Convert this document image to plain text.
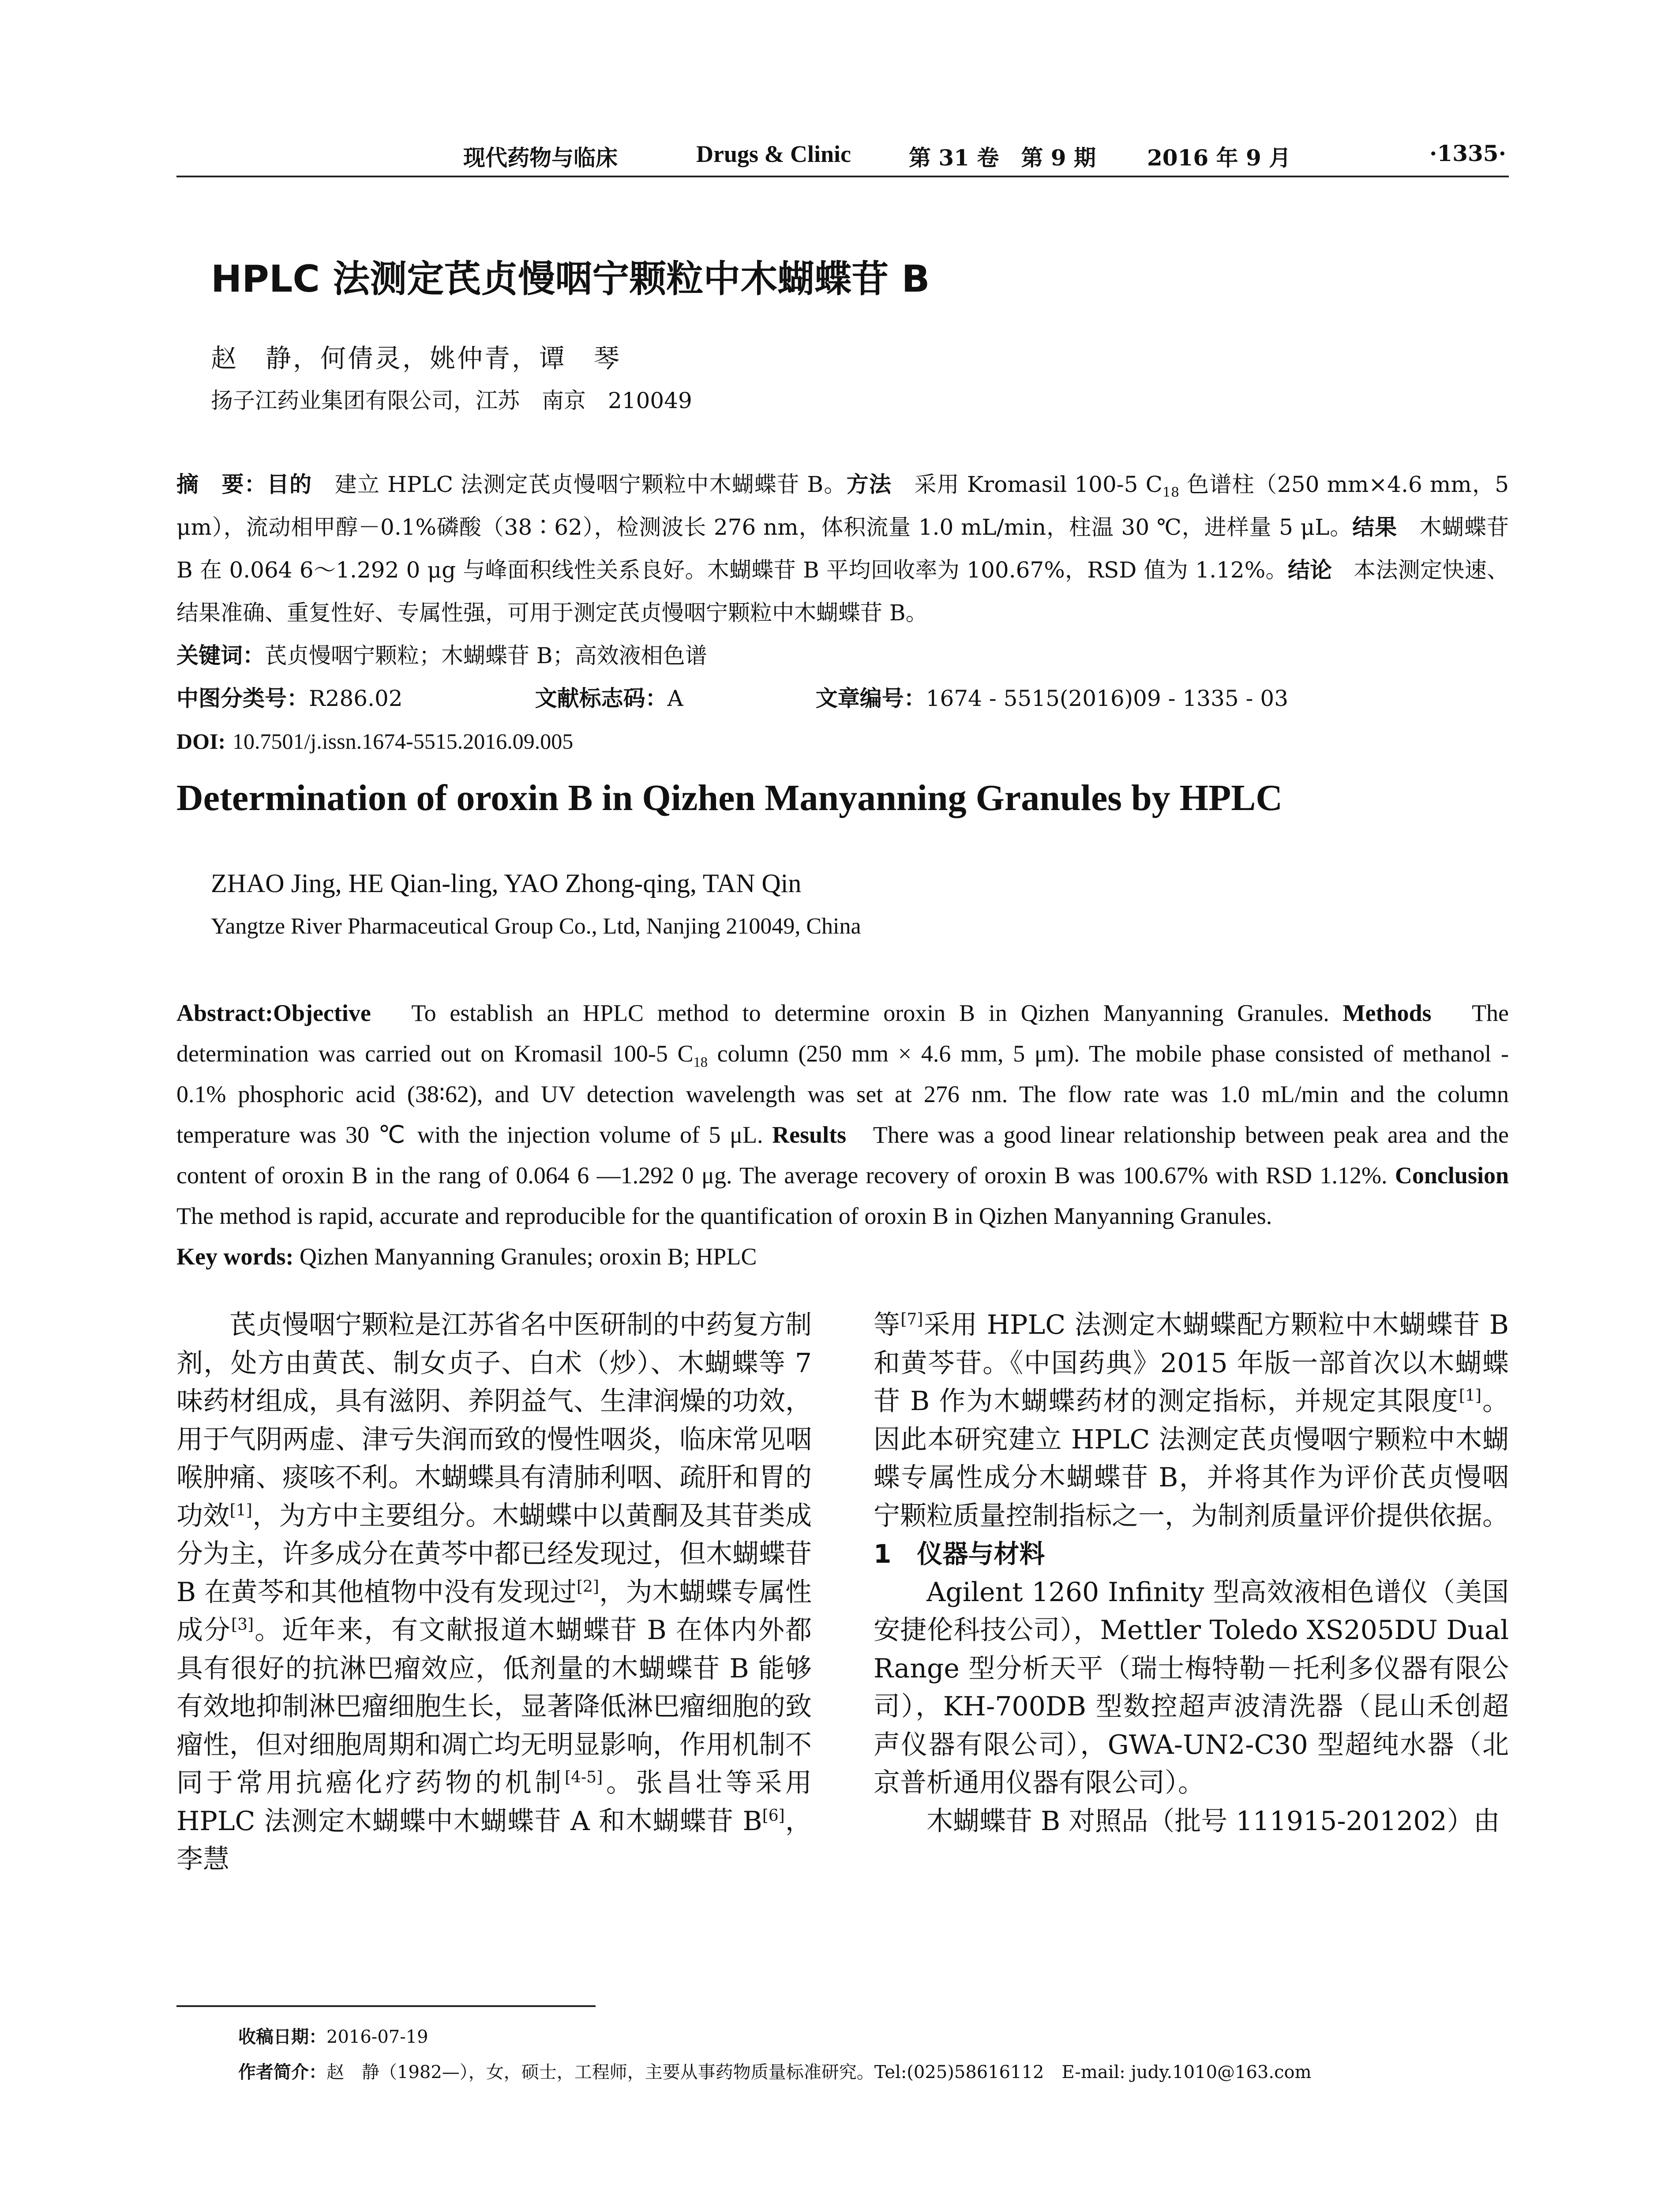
现代药物与临床	Drugs & Clinic	第 31 卷　第 9 期 2016 年 9 月	·1335·
HPLC 法测定芪贞慢咽宁颗粒中木蝴蝶苷 B
赵　静，何倩灵，姚仲青，谭　琴
扬子江药业集团有限公司，江苏　南京　210049
摘　要：目的 建立 HPLC 法测定芪贞慢咽宁颗粒中木蝴蝶苷 B。方法 采用 Kromasil 100-5 $C_{18}$ 色谱柱（250 mm×4.6 mm，5 μm），流动相甲醇－0.1%磷酸（38∶62），检测波长 276 nm，体积流量 1.0 mL/min，柱温 30 ℃，进样量 5 μL。结果 木蝴蝶苷 B 在 0.064 6～1.292 0 μg 与峰面积线性关系良好。木蝴蝶苷 B 平均回收率为 100.67%，RSD 值为 1.12%。结论 本法测定快速、结果准确、重复性好、专属性强，可用于测定芪贞慢咽宁颗粒中木蝴蝶苷 B。
关键词：芪贞慢咽宁颗粒；木蝴蝶苷 B；高效液相色谱
中图分类号：R286.02	文献标志码：A	文章编号：1674 - 5515(2016)09 - 1335 - 03
DOI: 10.7501/j.issn.1674-5515.2016.09.005
Determination of oroxin B in Qizhen Manyanning Granules by HPLC
ZHAO Jing, HE Qian-ling, YAO Zhong-qing, TAN Qin
Yangtze River Pharmaceutical Group Co., Ltd, Nanjing 210049, China

Abstract:Objective To establish an HPLC method to determine oroxin B in Qizhen Manyanning Granules. Methods The

determination was carried out on Kromasil 100-5 $C_{18}$ column (250 mm × 4.6 mm, 5 μm). The mobile phase consisted of methanol -

0.1% phosphoric acid (38∶62), and UV detection wavelength was set at 276 nm. The flow rate was 1.0 mL/min and the column

temperature was 30 ℃ with the injection volume of 5 μL. Results There was a good linear relationship between peak area and the

content of oroxin B in the rang of 0.064 6 —1.292 0 μg. The average recovery of oroxin B was 100.67% with RSD 1.12%. Conclusion

The method is rapid, accurate and reproducible for the quantification of oroxin B in Qizhen Manyanning Granules.

Key words: Qizhen Manyanning Granules; oroxin B; HPLC

芪贞慢咽宁颗粒是江苏省名中医研制的中药复方制剂，处方由黄芪、制女贞子、白术（炒）、木蝴蝶等 7 味药材组成，具有滋阴、养阴益气、生津润燥的功效，用于气阴两虚、津亏失润而致的慢性咽炎，临床常见咽喉肿痛、痰咳不利。木蝴蝶具有清肺利咽、疏肝和胃的功效[1]，为方中主要组分。木蝴蝶中以黄酮及其苷类成分为主，许多成分在黄芩中都已经发现过，但木蝴蝶苷 B 在黄芩和其他植物中没有发现过[2]，为木蝴蝶专属性成分[3]。近年来，有文献报道木蝴蝶苷 B 在体内外都具有很好的抗淋巴瘤效应，低剂量的木蝴蝶苷 B 能够有效地抑制淋巴瘤细胞生长，显著降低淋巴瘤细胞的致瘤性，但对细胞周期和凋亡均无明显影响，作用机制不同于常用抗癌化疗药物的机制[4-5]。张昌壮等采用 HPLC 法测定木蝴蝶中木蝴蝶苷 A 和木蝴蝶苷 B[6]，李慧

等[7]采用 HPLC 法测定木蝴蝶配方颗粒中木蝴蝶苷 B 和黄芩苷。《中国药典》2015 年版一部首次以木蝴蝶苷 B 作为木蝴蝶药材的测定指标，并规定其限度[1]。因此本研究建立 HPLC 法测定芪贞慢咽宁颗粒中木蝴蝶专属性成分木蝴蝶苷 B，并将其作为评价芪贞慢咽宁颗粒质量控制指标之一，为制剂质量评价提供依据。

1　仪器与材料

Agilent 1260 Infinity 型高效液相色谱仪（美国安捷伦科技公司），Mettler Toledo XS205DU Dual Range 型分析天平（瑞士梅特勒－托利多仪器有限公司），KH-700DB 型数控超声波清洗器（昆山禾创超声仪器有限公司），GWA-UN2-C30 型超纯水器（北京普析通用仪器有限公司）。

木蝴蝶苷 B 对照品（批号 111915-201202）由

收稿日期：2016-07-19
作者简介：赵　静（1982—），女，硕士，工程师，主要从事药物质量标准研究。Tel:(025)58616112　E-mail: judy.1010@163.com
